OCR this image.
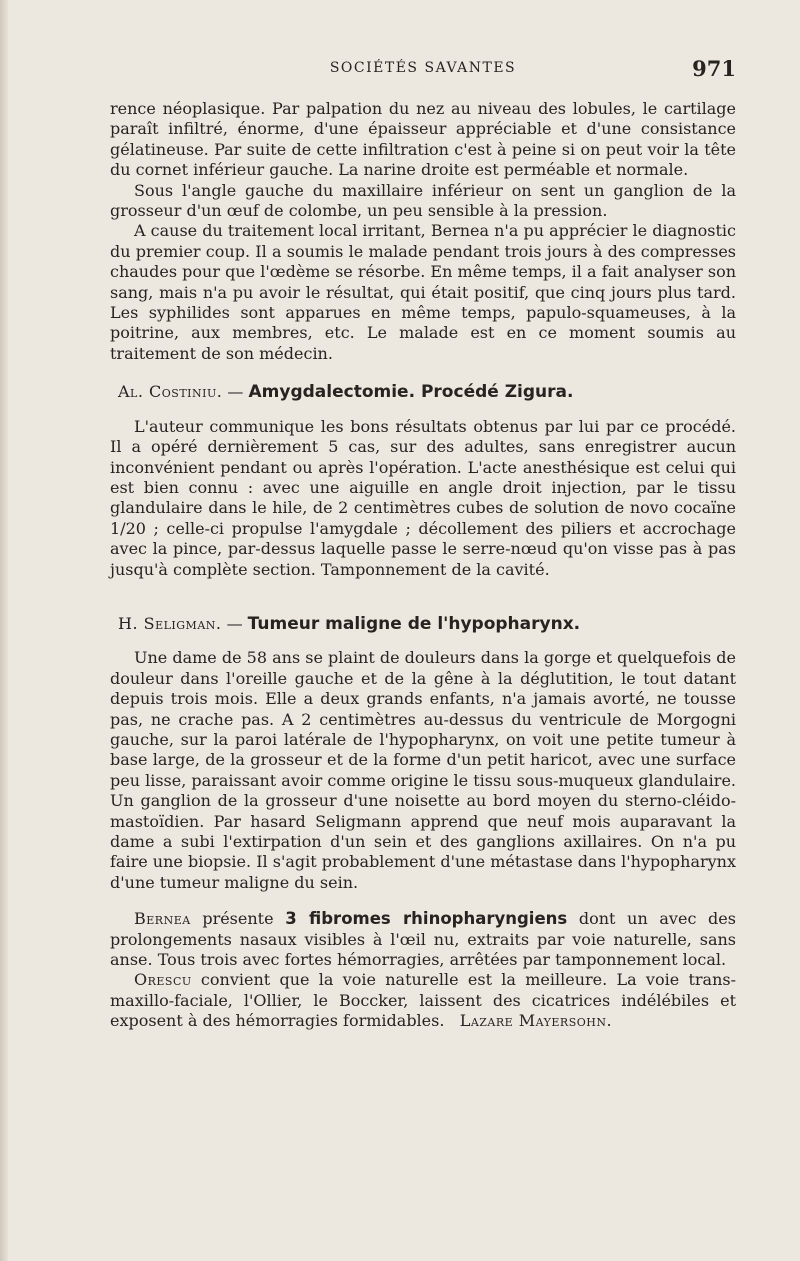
SOCIÉTÉS SAVANTES	971

rence néoplasique. Par palpation du nez au niveau des lobules, le cartilage paraît infiltré, énorme, d'une épaisseur appréciable et d'une consistance gélatineuse. Par suite de cette infiltration c'est à peine si on peut voir la tête du cornet inférieur gauche. La narine droite est perméable et normale.

Sous l'angle gauche du maxillaire inférieur on sent un ganglion de la grosseur d'un œuf de colombe, un peu sensible à la pression.

A cause du traitement local irritant, Bernea n'a pu apprécier le diagnostic du premier coup. Il a soumis le malade pendant trois jours à des compresses chaudes pour que l'œdème se résorbe. En même temps, il a fait analyser son sang, mais n'a pu avoir le résultat, qui était positif, que cinq jours plus tard. Les syphilides sont apparues en même temps, papulo-squameuses, à la poitrine, aux membres, etc. Le malade est en ce moment soumis au traitement de son médecin.

Al. Costiniu. — Amygdalectomie. Procédé Zigura.

L'auteur communique les bons résultats obtenus par lui par ce procédé. Il a opéré dernièrement 5 cas, sur des adultes, sans enregistrer aucun inconvénient pendant ou après l'opération. L'acte anesthésique est celui qui est bien connu : avec une aiguille en angle droit injection, par le tissu glandulaire dans le hile, de 2 centimètres cubes de solution de novo cocaïne 1/20 ; celle-ci propulse l'amygdale ; décollement des piliers et accrochage avec la pince, par-dessus laquelle passe le serre-nœud qu'on visse pas à pas jusqu'à complète section. Tamponnement de la cavité.

H. Seligman. — Tumeur maligne de l'hypopharynx.

Une dame de 58 ans se plaint de douleurs dans la gorge et quelquefois de douleur dans l'oreille gauche et de la gêne à la déglutition, le tout datant depuis trois mois. Elle a deux grands enfants, n'a jamais avorté, ne tousse pas, ne crache pas. A 2 centimètres au-dessus du ventricule de Morgogni gauche, sur la paroi latérale de l'hypopharynx, on voit une petite tumeur à base large, de la grosseur et de la forme d'un petit haricot, avec une surface peu lisse, paraissant avoir comme origine le tissu sous-muqueux glandulaire. Un ganglion de la grosseur d'une noisette au bord moyen du sterno-cléido-mastoïdien. Par hasard Seligmann apprend que neuf mois auparavant la dame a subi l'extirpation d'un sein et des ganglions axillaires. On n'a pu faire une biopsie. Il s'agit probablement d'une métastase dans l'hypopharynx d'une tumeur maligne du sein.

Bernea présente 3 fibromes rhinopharyngiens dont un avec des prolongements nasaux visibles à l'œil nu, extraits par voie naturelle, sans anse. Tous trois avec fortes hémorragies, arrêtées par tamponnement local.

Orescu convient que la voie naturelle est la meilleure. La voie trans-maxillo-faciale, l'Ollier, le Boccker, laissent des cicatrices indélébiles et exposent à des hémorragies formidables. Lazare Mayersohn.
